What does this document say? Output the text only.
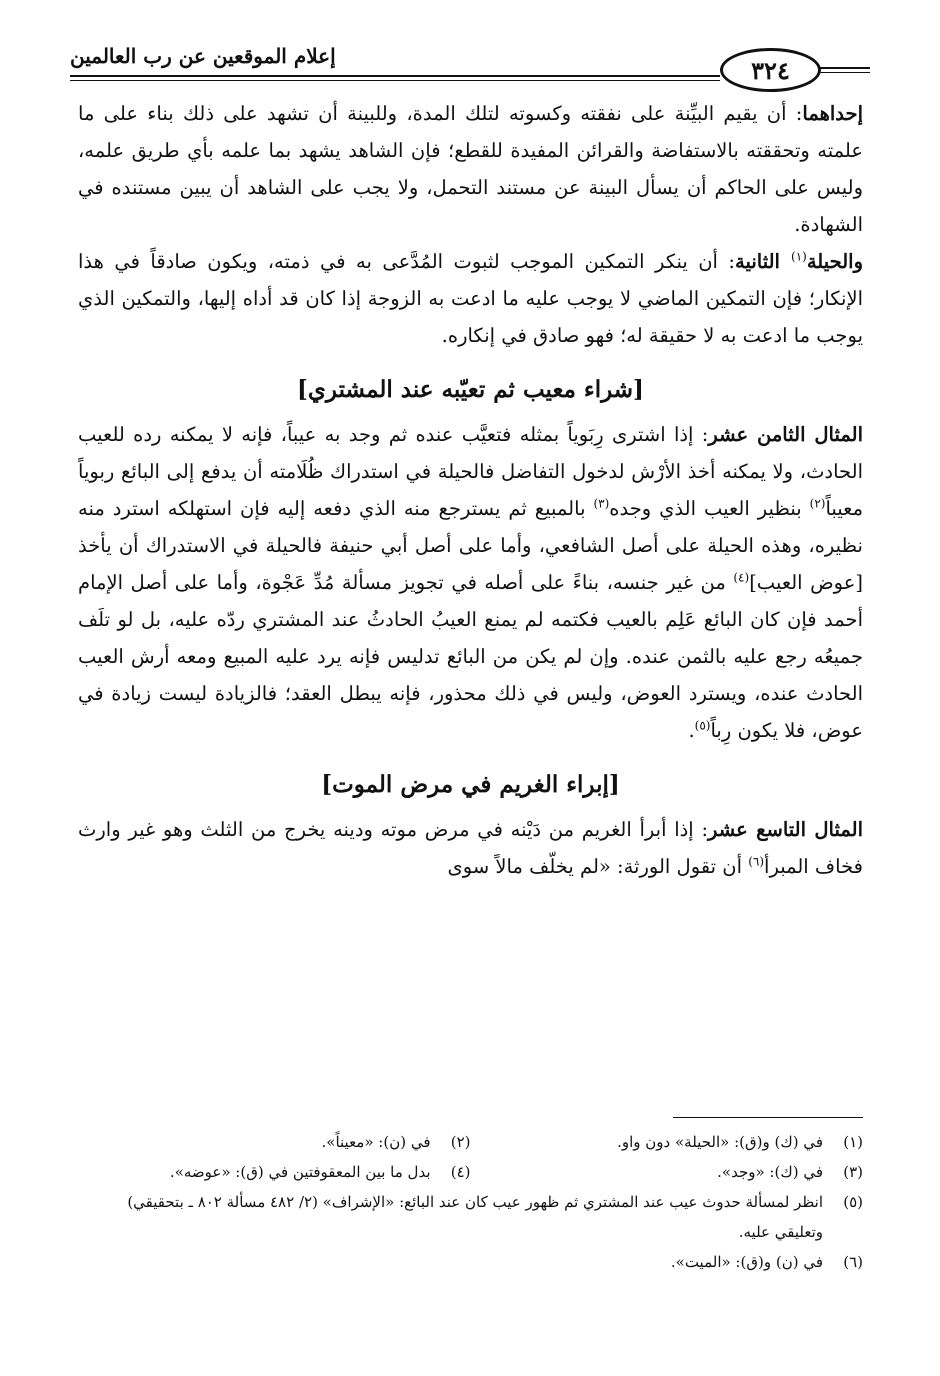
إعلام الموقعين عن رب العالمين	٣٢٤

إحداهما: أن يقيم البيِّنة على نفقته وكسوته لتلك المدة، وللبينة أن تشهد على ذلك بناء على ما علمته وتحققته بالاستفاضة والقرائن المفيدة للقطع؛ فإن الشاهد يشهد بما علمه بأي طريق علمه، وليس على الحاكم أن يسأل البينة عن مستند التحمل، ولا يجب على الشاهد أن يبين مستنده في الشهادة.

والحيلة$^{(١)}$ الثانية: أن ينكر التمكين الموجب لثبوت المُدَّعى به في ذمته، ويكون صادقاً في هذا الإنكار؛ فإن التمكين الماضي لا يوجب عليه ما ادعت به الزوجة إذا كان قد أداه إليها، والتمكين الذي يوجب ما ادعت به لا حقيقة له؛ فهو صادق في إنكاره.

[شراء معيب ثم تعيّبه عند المشتري]

المثال الثامن عشر: إذا اشترى رِبَوياً بمثله فتعيَّب عنده ثم وجد به عيباً، فإنه لا يمكنه رده للعيب الحادث، ولا يمكنه أخذ الأرْش لدخول التفاضل فالحيلة في استدراك ظُلَامته أن يدفع إلى البائع ربوياً معيباً$^{(٢)}$ بنظير العيب الذي وجده$^{(٣)}$ بالمبيع ثم يسترجع منه الذي دفعه إليه فإن استهلكه استرد منه نظيره، وهذه الحيلة على أصل الشافعي، وأما على أصل أبي حنيفة فالحيلة في الاستدراك أن يأخذ [عوض العيب]$^{(٤)}$ من غير جنسه، بناءً على أصله في تجويز مسألة مُدِّ عَجْوة، وأما على أصل الإمام أحمد فإن كان البائع عَلِم بالعيب فكتمه لم يمنع العيبُ الحادثُ عند المشتري ردّه عليه، بل لو تلَف جميعُه رجع عليه بالثمن عنده. وإن لم يكن من البائع تدليس فإنه يرد عليه المبيع ومعه أرش العيب الحادث عنده، ويسترد العوض، وليس في ذلك محذور، فإنه يبطل العقد؛ فالزيادة ليست زيادة في عوض، فلا يكون رِباً$^{(٥)}$.

[إبراء الغريم في مرض الموت]

المثال التاسع عشر: إذا أبرأ الغريم من دَيْنه في مرض موته ودينه يخرج من الثلث وهو غير وارث فخاف المبرأ$^{(٦)}$ أن تقول الورثة: «لم يخلّف مالاً سوى

(١)
في (ك) و(ق): «الحيلة» دون واو.
(٢)
في (ن): «معيناً».
(٣)
في (ك): «وجد».
(٤)
بدل ما بين المعقوفتين في (ق): «عوضه».
(٥)
انظر لمسألة حدوث عيب عند المشتري ثم ظهور عيب كان عند البائع: «الإشراف» (٢/ ٤٨٢ مسألة ٨٠٢ ـ بتحقيقي) وتعليقي عليه.
(٦)
في (ن) و(ق): «الميت».
